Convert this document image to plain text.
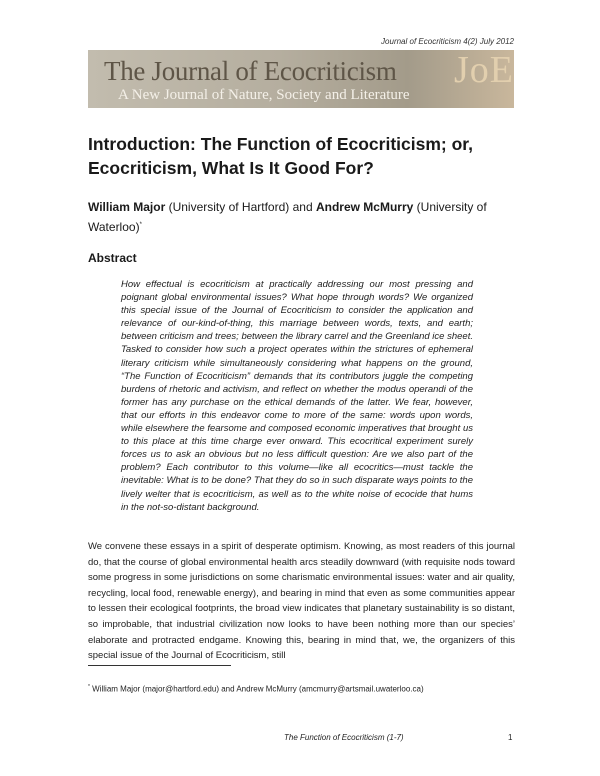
Journal of Ecocriticism 4(2) July 2012
The Journal of Ecocriticism
A New Journal of Nature, Society and Literature
JoE
Introduction: The Function of Ecocriticism; or, Ecocriticism, What Is It Good For?
William Major (University of Hartford) and Andrew McMurry (University of Waterloo)*
Abstract
How effectual is ecocriticism at practically addressing our most pressing and poignant global environmental issues? What hope through words? We organized this special issue of the Journal of Ecocriticism to consider the application and relevance of our-kind-of-thing, this marriage between words, texts, and earth; between criticism and trees; between the library carrel and the Greenland ice sheet. Tasked to consider how such a project operates within the strictures of ephemeral literary criticism while simultaneously considering what happens on the ground, “The Function of Ecocriticism” demands that its contributors juggle the competing burdens of rhetoric and activism, and reflect on whether the modus operandi of the former has any purchase on the ethical demands of the latter. We fear, however, that our efforts in this endeavor come to more of the same: words upon words, while elsewhere the fearsome and composed economic imperatives that brought us to this place at this time charge ever onward. This ecocritical experiment surely forces us to ask an obvious but no less difficult question: Are we also part of the problem? Each contributor to this volume—like all ecocritics—must tackle the inevitable: What is to be done? That they do so in such disparate ways points to the lively welter that is ecocriticism, as well as to the white noise of ecocide that hums in the not-so-distant background.
We convene these essays in a spirit of desperate optimism. Knowing, as most readers of this journal do, that the course of global environmental health arcs steadily downward (with requisite nods toward some progress in some jurisdictions on some charismatic environmental issues: water and air quality, recycling, local food, renewable energy), and bearing in mind that even as some communities appear to lessen their ecological footprints, the broad view indicates that planetary sustainability is so distant, so improbable, that industrial civilization now looks to have been nothing more than our species’ elaborate and protracted endgame. Knowing this, bearing in mind that, we, the organizers of this special issue of the Journal of Ecocriticism, still
* William Major (major@hartford.edu) and Andrew McMurry (amcmurry@artsmail.uwaterloo.ca)
The Function of Ecocriticism (1-7)	1
